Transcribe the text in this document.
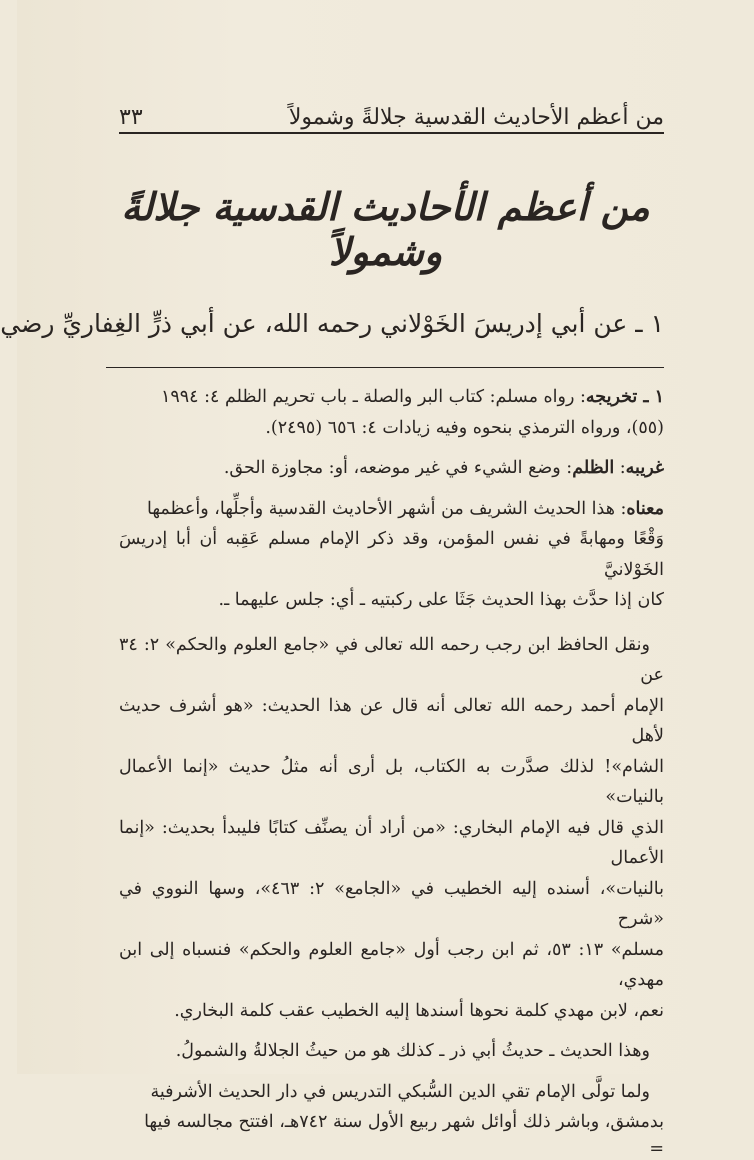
من أعظم الأحاديث القدسية جلالةً وشمولاً
٣٣
من أعظم الأحاديث القدسية جلالةً وشمولاً
١ ـ عن أبي إدريسَ الخَوْلاني رحمه الله، عن أبي ذرٍّ الغِفاريِّ رضي

١ ـ تخريجه: رواه مسلم: كتاب البر والصلة ـ باب تحريم الظلم ٤: ١٩٩٤

(٥٥)، ورواه الترمذي بنحوه وفيه زيادات ٤: ٦٥٦ (٢٤٩٥).

غريبه: الظلم: وضع الشيء في غير موضعه، أو: مجاوزة الحق.

معناه: هذا الحديث الشريف من أشهر الأحاديث القدسية وأجلِّها، وأعظمها

وَقْعًا ومهابةً في نفس المؤمن، وقد ذكر الإمام مسلم عَقِبه أن أبا إدريسَ الخَوْلانيَّ

كان إذا حدَّث بهذا الحديث جَثَا على ركبتيه ـ أي: جلس عليهما ـ.

ونقل الحافظ ابن رجب رحمه الله تعالى في «جامع العلوم والحكم» ٢: ٣٤ عن

الإمام أحمد رحمه الله تعالى أنه قال عن هذا الحديث: «هو أشرف حديث لأهل

الشام»! لذلك صدَّرت به الكتاب، بل أرى أنه مثلُ حديث «إنما الأعمال بالنيات»

الذي قال فيه الإمام البخاري: «من أراد أن يصنِّف كتابًا فليبدأ بحديث: «إنما الأعمال

بالنيات»، أسنده إليه الخطيب في «الجامع» ٢: ٤٦٣»، وسها النووي في «شرح

مسلم» ١٣: ٥٣، ثم ابن رجب أول «جامع العلوم والحكم» فنسباه إلى ابن مهدي،

نعم، لابن مهدي كلمة نحوها أسندها إليه الخطيب عقب كلمة البخاري.

وهذا الحديث ـ حديثُ أبي ذر ـ كذلك هو من حيثُ الجلالةُ والشمولُ.

ولما تولَّى الإمام تقي الدين السُّبكي التدريس في دار الحديث الأشرفية

بدمشق، وباشر ذلك أوائل شهر ربيع الأول سنة ٧٤٢هـ، افتتح مجالسه فيها

=
